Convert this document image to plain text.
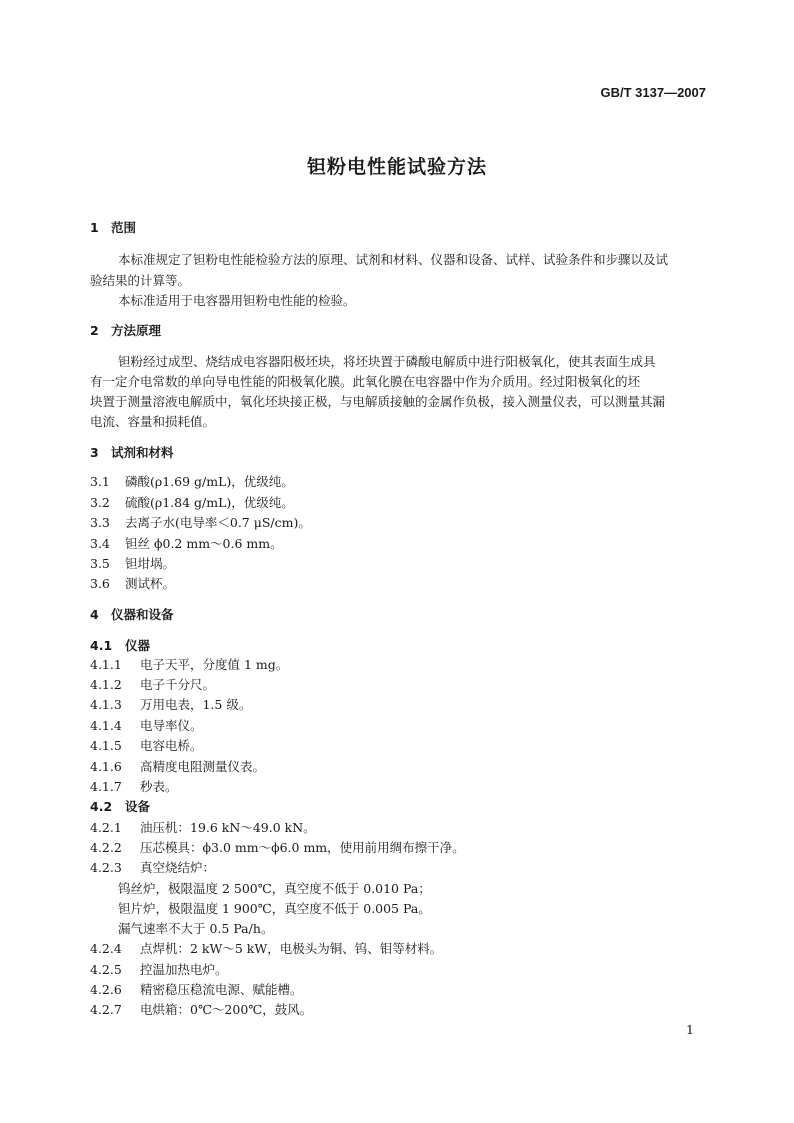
GB/T 3137—2007
钽粉电性能试验方法
1 范围
本标准规定了钽粉电性能检验方法的原理、试剂和材料、仪器和设备、试样、试验条件和步骤以及试
验结果的计算等。
本标准适用于电容器用钽粉电性能的检验。
2 方法原理
钽粉经过成型、烧结成电容器阳极坯块，将坯块置于磷酸电解质中进行阳极氧化，使其表面生成具
有一定介电常数的单向导电性能的阳极氧化膜。此氧化膜在电容器中作为介质用。经过阳极氧化的坯
块置于测量溶液电解质中，氧化坯块接正极，与电解质接触的金属作负极，接入测量仪表，可以测量其漏
电流、容量和损耗值。
3 试剂和材料
3.1 磷酸(ρ1.69 g/mL)，优级纯。
3.2 硫酸(ρ1.84 g/mL)，优级纯。
3.3 去离子水(电导率＜0.7 μS/cm)。
3.4 钽丝 ϕ0.2 mm～0.6 mm。
3.5 钽坩埚。
3.6 测试杯。
4 仪器和设备
4.1 仪器
4.1.1 电子天平，分度值 1 mg。
4.1.2 电子千分尺。
4.1.3 万用电表，1.5 级。
4.1.4 电导率仪。
4.1.5 电容电桥。
4.1.6 高精度电阻测量仪表。
4.1.7 秒表。
4.2 设备
4.2.1 油压机：19.6 kN～49.0 kN。
4.2.2 压芯模具：ϕ3.0 mm～ϕ6.0 mm，使用前用绸布擦干净。
4.2.3 真空烧结炉：
钨丝炉，极限温度 2 500℃，真空度不低于 0.010 Pa；
钽片炉，极限温度 1 900℃，真空度不低于 0.005 Pa。
漏气速率不大于 0.5 Pa/h。
4.2.4 点焊机：2 kW～5 kW，电极头为铜、钨、钼等材料。
4.2.5 控温加热电炉。
4.2.6 精密稳压稳流电源、赋能槽。
4.2.7 电烘箱：0℃～200℃，鼓风。
1
